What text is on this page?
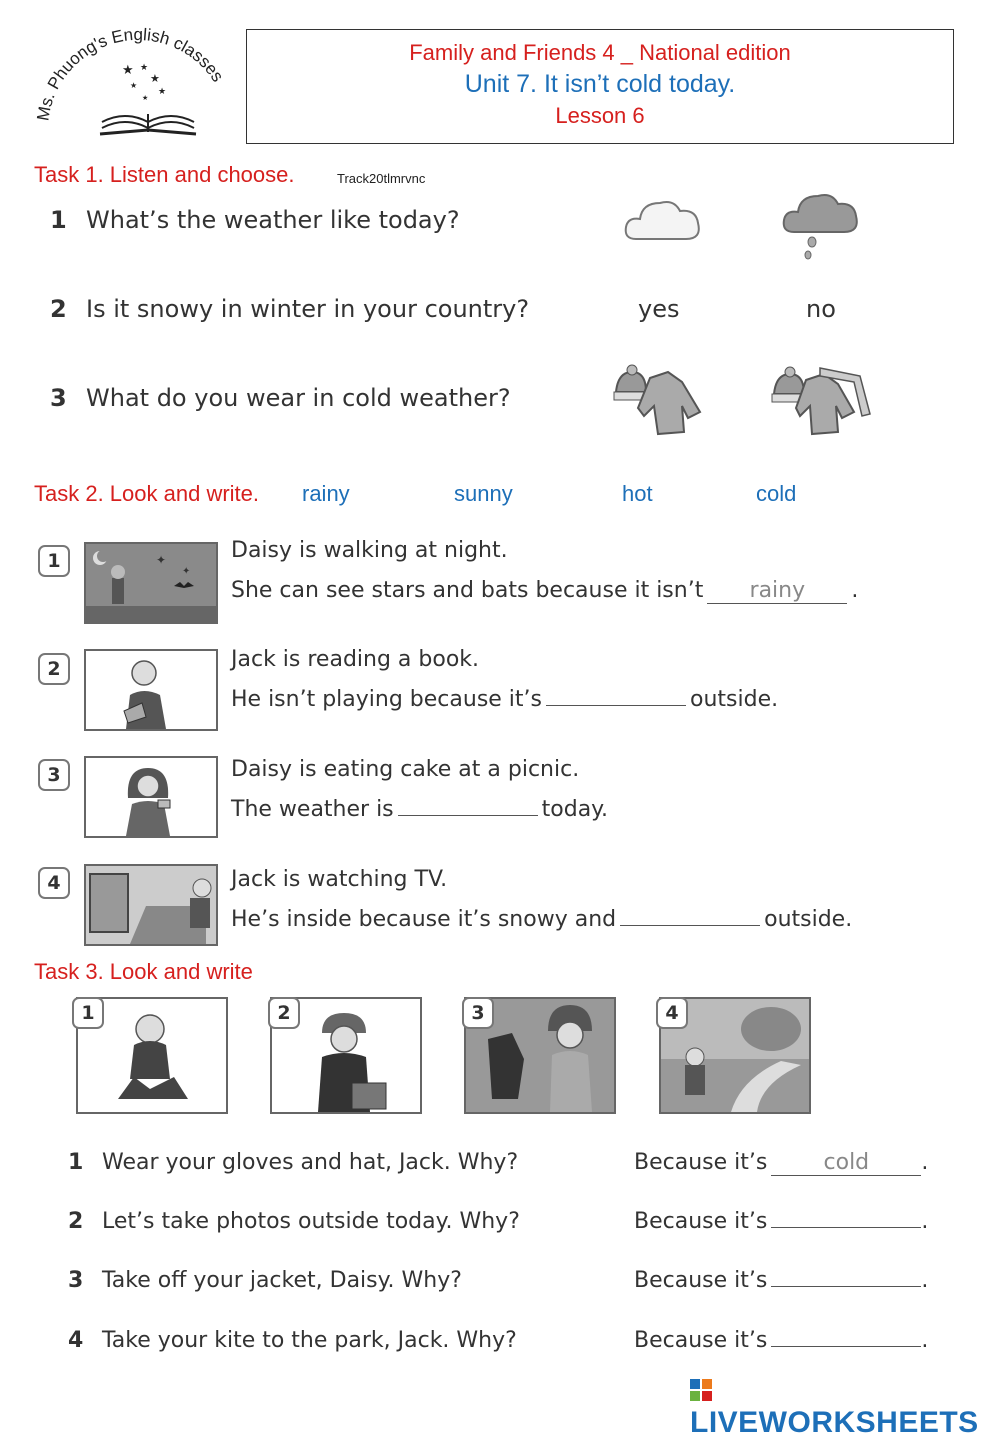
Ms. Phuong's English classes
★ ★
★
★
★
★
Family and Friends 4 _ National edition
Unit 7. It isn’t cold today.
Lesson 6
Task 1. Listen and choose.	Track20tlmrvnc
1 What’s the weather like today?
2 Is it snowy in winter in your country?	yes	no
3 What do you wear in cold weather?
Task 2. Look and write. rainy	sunny	hot	cold
1	✦
✦
Daisy is walking at night.
She can see stars and bats because it isn’t rainy .
2	Jack is reading a book.
He isn’t playing because it’s	outside.
3	Daisy is eating cake at a picnic.
The weather is	today.
4	Jack is watching TV.
He’s inside because it’s snowy and	outside.
Task 3. Look and write
1	2	3	4
1 Wear your gloves and hat, Jack. Why?	Because it’s	cold .
2 Let’s take photos outside today. Why?	Because it’s	.
3 Take off your jacket, Daisy. Why?	Because it’s	.
4 Take your kite to the park, Jack. Why?	Because it’s	.
LIVEWORKSHEETS
